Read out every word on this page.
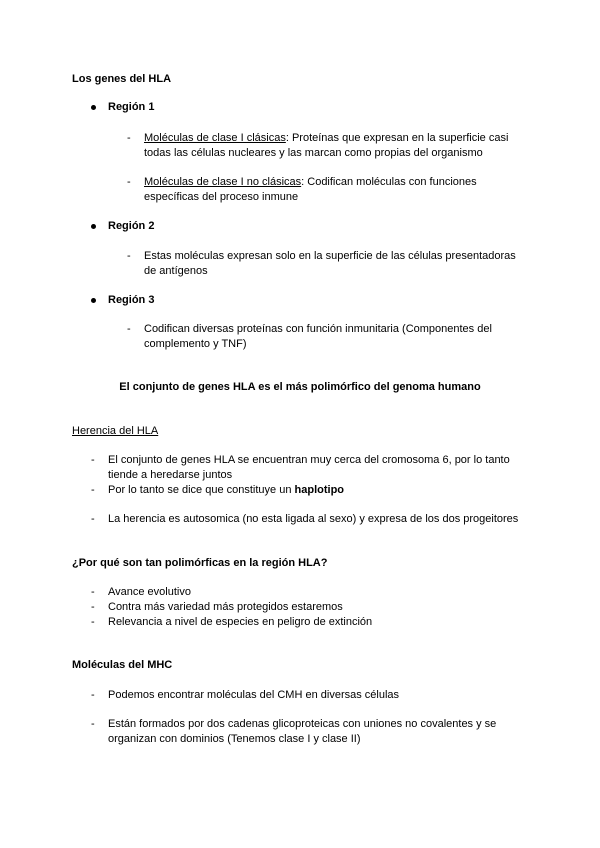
Los genes del HLA
Región 1
- Moléculas de clase I clásicas: Proteínas que expresan en la superficie casi

todas las células nucleares y las marcan como propias del organismo

- Moléculas de clase I no clásicas: Codifican moléculas con funciones

específicas del proceso inmune

Región 2
- Estas moléculas expresan solo en la superficie de las células presentadoras

de antígenos

Región 3
- Codifican diversas proteínas con función inmunitaria (Componentes del

complemento y TNF)

El conjunto de genes HLA es el más polimórfico del genoma humano
Herencia del HLA
- El conjunto de genes HLA se encuentran muy cerca del cromosoma 6, por lo tanto

tiende a heredarse juntos

- Por lo tanto se dice que constituye un haplotipo

- La herencia es autosomica (no esta ligada al sexo) y expresa de los dos progeitores

¿Por qué son tan polimórficas en la región HLA?
- Avance evolutivo
- Contra más variedad más protegidos estaremos
- Relevancia a nivel de especies en peligro de extinción
Moléculas del MHC
- Podemos encontrar moléculas del CMH en diversas células

- Están formados por dos cadenas glicoproteicas con uniones no covalentes y se

organizan con dominios (Tenemos clase I y clase II)
